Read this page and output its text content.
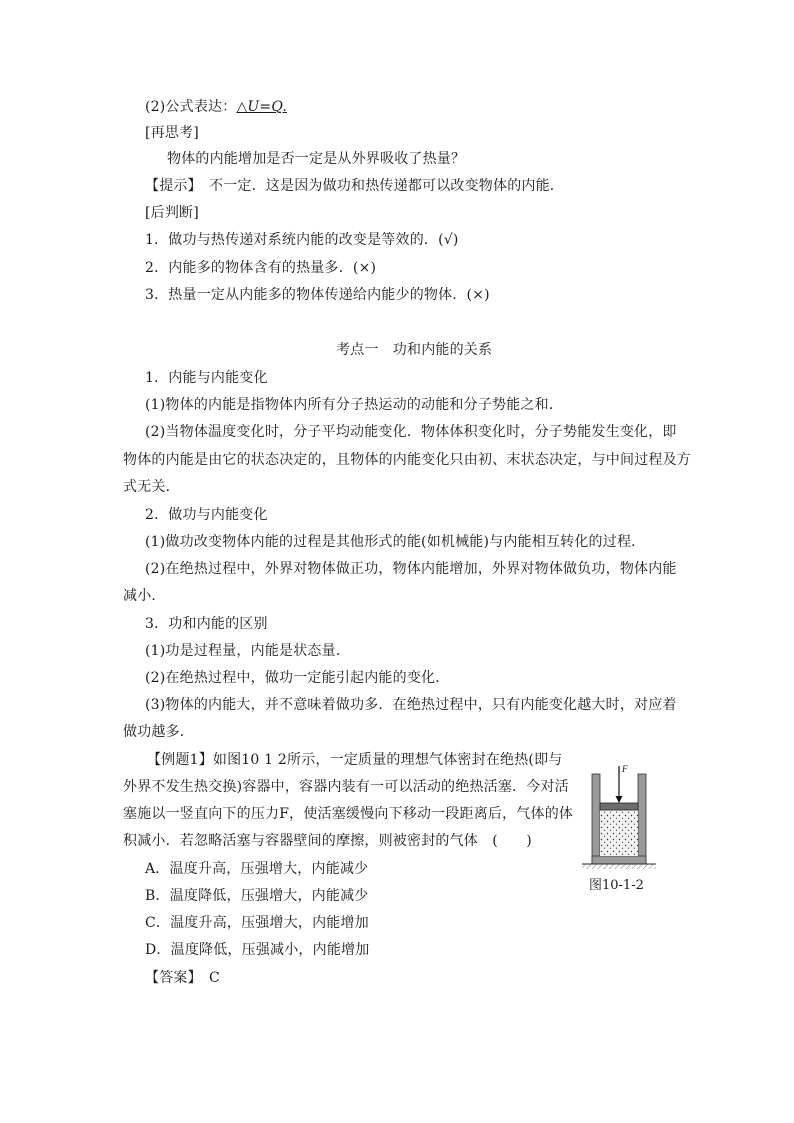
(2)公式表达：△U=Q.
[再思考]
物体的内能增加是否一定是从外界吸收了热量？
【提示】　不一定．这是因为做功和热传递都可以改变物体的内能．
[后判断]
1．做功与热传递对系统内能的改变是等效的．(√)
2．内能多的物体含有的热量多．(×)
3．热量一定从内能多的物体传递给内能少的物体．(×)
考点一　功和内能的关系
1．内能与内能变化
(1)物体的内能是指物体内所有分子热运动的动能和分子势能之和．
(2)当物体温度变化时，分子平均动能变化．物体体积变化时，分子势能发生变化，即
物体的内能是由它的状态决定的，且物体的内能变化只由初、末状态决定，与中间过程及方
式无关．
2．做功与内能变化
(1)做功改变物体内能的过程是其他形式的能(如机械能)与内能相互转化的过程．
(2)在绝热过程中，外界对物体做正功，物体内能增加，外界对物体做负功，物体内能
减小．
3．功和内能的区别
(1)功是过程量，内能是状态量．
(2)在绝热过程中，做功一定能引起内能的变化．
(3)物体的内能大，并不意味着做功多．在绝热过程中，只有内能变化越大时，对应着
做功越多．
【例题1】如图10 1 2所示，一定质量的理想气体密封在绝热(即与
外界不发生热交换)容器中，容器内装有一可以活动的绝热活塞．今对活
塞施以一竖直向下的压力F，使活塞缓慢向下移动一段距离后，气体的体
积减小．若忽略活塞与容器壁间的摩擦，则被密封的气体　(　　)
A．温度升高，压强增大，内能减少
B．温度降低，压强增大，内能减少
C．温度升高，压强增大，内能增加
D．温度降低，压强减小，内能增加
【答案】　C
F
图10-1-2
